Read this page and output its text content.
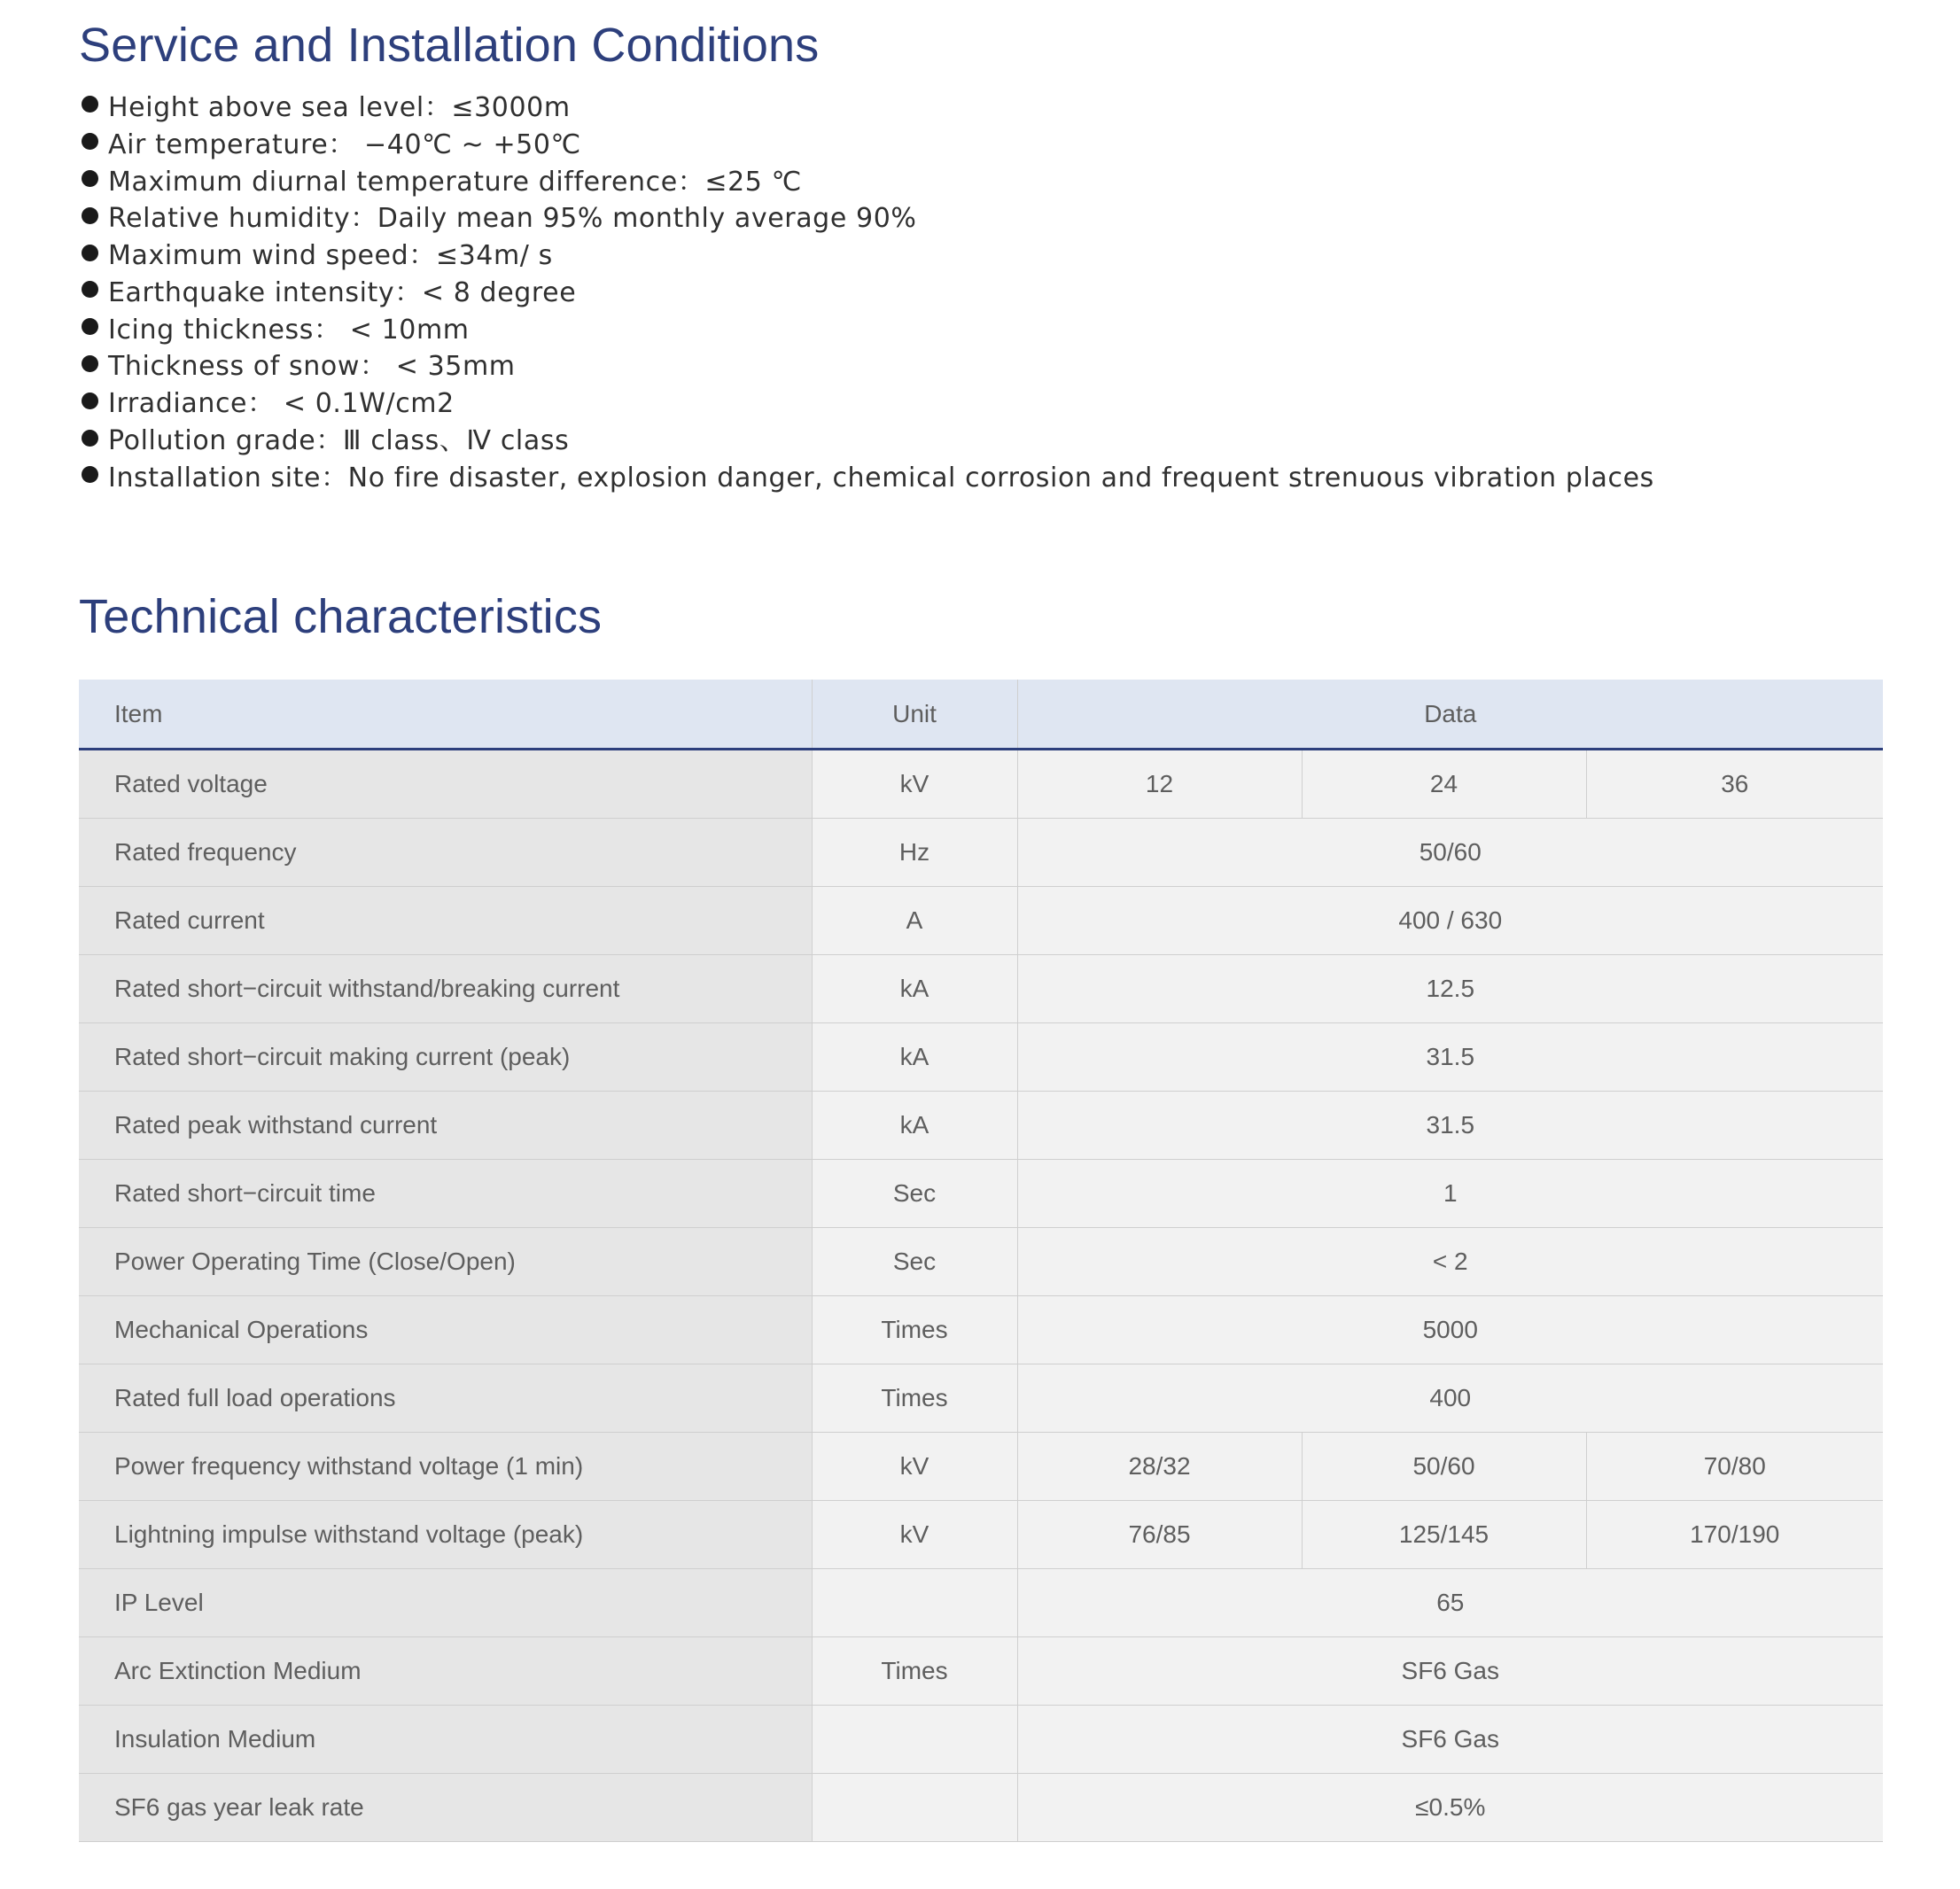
Service and Installation Conditions
Height above sea level：≤3000m
Air temperature： −40℃ ~ +50℃
Maximum diurnal temperature difference：≤25 ℃
Relative humidity：Daily mean 95% monthly average 90%
Maximum wind speed：≤34m/ s
Earthquake intensity：< 8 degree
Icing thickness： < 10mm
Thickness of snow： < 35mm
Irradiance： < 0.1W/cm2
Pollution grade：Ⅲ class、Ⅳ class
Installation site：No fire disaster, explosion danger, chemical corrosion and frequent strenuous vibration places
Technical characteristics
Item	Unit	Data		
Rated voltage	kV	12	24	36
Rated frequency	Hz	50/60		
Rated current	A	400 / 630		
Rated short−circuit withstand/breaking current	kA	12.5		
Rated short−circuit making current (peak)	kA	31.5		
Rated peak withstand current	kA	31.5		
Rated short−circuit time	Sec	1		
Power Operating Time (Close/Open)	Sec	< 2		
Mechanical Operations	Times	5000		
Rated full load operations	Times	400		
Power frequency withstand voltage (1 min)	kV	28/32	50/60	70/80
Lightning impulse withstand voltage (peak)	kV	76/85	125/145	170/190
IP Level		65		
Arc Extinction Medium	Times	SF6 Gas		
Insulation Medium		SF6 Gas		
SF6 gas year leak rate		≤0.5%		
